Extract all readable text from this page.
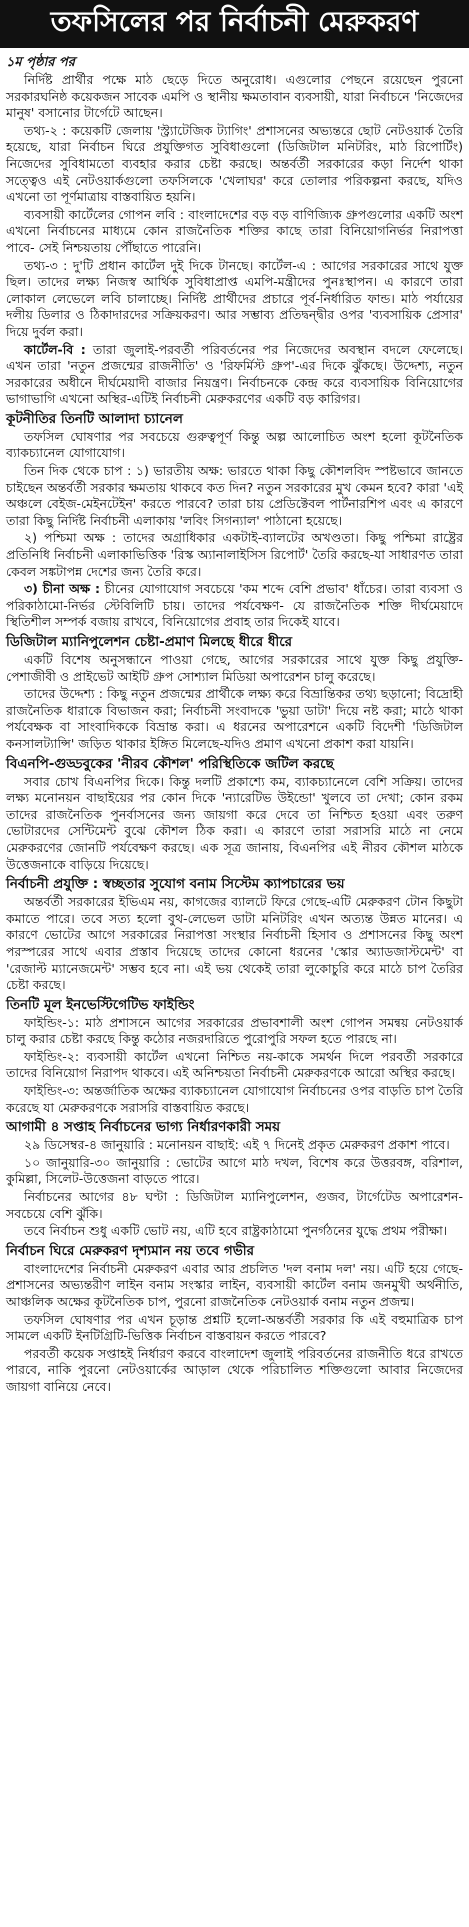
তফসিলের পর নির্বাচনী মেরুকরণ
১ম পৃষ্ঠার পর

নির্দিষ্ট প্রার্থীর পক্ষে মাঠ ছেড়ে দিতে অনুরোধ। এগুলোর পেছনে রয়েছেন পুরনো সরকারঘনিষ্ঠ কয়েকজন সাবেক এমপি ও স্থানীয় ক্ষমতাবান ব্যবসায়ী, যারা নির্বাচনে 'নিজেদের মানুষ' বসানোর টার্গেটে আছেন।

তথ্য-২ : কয়েকটি জেলায় 'স্ট্র্যাটেজিক ট্যাগিং' প্রশাসনের অভ্যন্তরে ছোট নেটওয়ার্ক তৈরি হয়েছে, যারা নির্বাচন ঘিরে প্রযুক্তিগত সুবিধাগুলো (ডিজিটাল মনিটরিং, মাঠ রিপোর্টিং) নিজেদের সুবিধামতো ব্যবহার করার চেষ্টা করছে। অন্তর্বর্তী সরকারের কড়া নির্দেশ থাকা সত্ত্বেও এই নেটওয়ার্কগুলো তফসিলকে 'খেলাঘর' করে তোলার পরিকল্পনা করছে, যদিও এখনো তা পূর্ণমাত্রায় বাস্তবায়িত হয়নি।

ব্যবসায়ী কার্টেলের গোপন লবি : বাংলাদেশের বড় বড় বাণিজ্যিক গ্রুপগুলোর একটি অংশ এখনো নির্বাচনের মাধ্যমে কোন রাজনৈতিক শক্তির কাছে তারা বিনিয়োগনির্ভর নিরাপত্তা পাবে- সেই নিশ্চয়তায় পৌঁছাতে পারেনি।

তথ্য-৩ : দু'টি প্রধান কার্টেল দুই দিকে টানছে। কার্টেল-এ : আগের সরকারের সাথে যুক্ত ছিল। তাদের লক্ষ্য নিজস্ব আর্থিক সুবিধাপ্রাপ্ত এমপি-মন্ত্রীদের পুনঃস্থাপন। এ কারণে তারা লোকাল লেভেলে লবি চালাচ্ছে। নির্দিষ্ট প্রার্থীদের প্রচারে পূর্ব-নির্ধারিত ফান্ড। মাঠ পর্যায়ের দলীয় ডিলার ও ঠিকাদারদের সক্রিয়করণ। আর সম্ভাব্য প্রতিদ্বন্দ্বীর ওপর 'ব্যবসায়িক প্রেসার' দিয়ে দুর্বল করা।

কার্টেল-বি : তারা জুলাই-পরবর্তী পরিবর্তনের পর নিজেদের অবস্থান বদলে ফেলেছে। এখন তারা 'নতুন প্রজন্মের রাজনীতি' ও 'রিফর্মিস্ট গ্রুপ'-এর দিকে ঝুঁকছে। উদ্দেশ্য, নতুন সরকারের অধীনে দীর্ঘমেয়াদী বাজার নিয়ন্ত্রণ। নির্বাচনকে কেন্দ্র করে ব্যবসায়িক বিনিয়োগের ভাগাভাগি এখনো অস্থির-এটিই নির্বাচনী মেরুকরণের একটি বড় কারিগর।

কূটনীতির তিনটি আলাদা চ্যানেল

তফসিল ঘোষণার পর সবচেয়ে গুরুত্বপূর্ণ কিন্তু অল্প আলোচিত অংশ হলো কূটনৈতিক ব্যাকচ্যানেল যোগাযোগ।

তিন দিক থেকে চাপ : ১) ভারতীয় অক্ষ: ভারতে থাকা কিছু কৌশলবিদ স্পষ্টভাবে জানতে চাইছেন অন্তর্বর্তী সরকার ক্ষমতায় থাকবে কত দিন? নতুন সরকারের মুখ কেমন হবে? কারা 'এই অঞ্চলে বেইজ-মেইনটেইন' করতে পারবে? তারা চায় প্রেডিক্টেবল পার্টনারশিপ এবং এ কারণে তারা কিছু নির্দিষ্ট নির্বাচনী এলাকায় 'লবিং সিগন্যাল' পাঠানো হয়েছে।

২) পশ্চিমা অক্ষ : তাদের অগ্রাধিকার একটাই-ব্যালটের অখণ্ডতা। কিছু পশ্চিমা রাষ্ট্রের প্রতিনিধি নির্বাচনী এলাকাভিত্তিক 'রিস্ক অ্যানালাইসিস রিপোর্ট' তৈরি করছে-যা সাধারণত তারা কেবল সঙ্কটাপন্ন দেশের জন্য তৈরি করে।

৩) চীনা অক্ষ : চীনের যোগাযোগ সবচেয়ে 'কম শব্দে বেশি প্রভাব' ধাঁচের। তারা ব্যবসা ও পরিকাঠামো-নির্ভর স্টেবিলিটি চায়। তাদের পর্যবেক্ষণ- যে রাজনৈতিক শক্তি দীর্ঘমেয়াদে স্থিতিশীল সম্পর্ক বজায় রাখবে, বিনিয়োগের প্রবাহ তার দিকেই যাবে।

ডিজিটাল ম্যানিপুলেশন চেষ্টা-প্রমাণ মিলছে ধীরে ধীরে

একটি বিশেষ অনুসন্ধানে পাওয়া গেছে, আগের সরকারের সাথে যুক্ত কিছু প্রযুক্তি-পেশাজীবী ও প্রাইভেট আইটি গ্রুপ সোশ্যাল মিডিয়া অপারেশন চালু করেছে।

তাদের উদ্দেশ্য : কিছু নতুন প্রজন্মের প্রার্থীকে লক্ষ্য করে বিভ্রান্তিকর তথ্য ছড়ানো; বিদ্রোহী রাজনৈতিক ধারাকে বিভাজন করা; নির্বাচনী সংবাদকে 'ভুয়া ডাটা' দিয়ে নষ্ট করা; মাঠে থাকা পর্যবেক্ষক বা সাংবাদিককে বিভ্রান্ত করা। এ ধরনের অপারেশনে একটি বিদেশী 'ডিজিটাল কনসালট্যান্সি' জড়িত থাকার ইঙ্গিত মিলেছে-যদিও প্রমাণ এখনো প্রকাশ করা যায়নি।

বিএনপি-গুড্ডবুকের 'নীরব কৌশল' পরিস্থিতিকে জটিল করছে

সবার চোখ বিএনপির দিকে। কিন্তু দলটি প্রকাশ্যে কম, ব্যাকচ্যানেলে বেশি সক্রিয়। তাদের লক্ষ্য মনোনয়ন বাছাইয়ের পর কোন দিকে 'ন্যারেটিভ উইন্ডো' খুলবে তা দেখা; কোন রকম তাদের রাজনৈতিক পুনর্বাসনের জন্য জায়গা করে দেবে তা নিশ্চিত হওয়া এবং তরুণ ভোটারদের সেন্টিমেন্ট বুঝে কৌশল ঠিক করা। এ কারণে তারা সরাসরি মাঠে না নেমে মেরুকরণের জোনটি পর্যবেক্ষণ করছে। এক সূত্র জানায়, বিএনপির এই নীরব কৌশল মাঠকে উত্তেজনাকে বাড়িয়ে দিয়েছে।

নির্বাচনী প্রযুক্তি : স্বচ্ছতার সুযোগ বনাম সিস্টেম ক্যাপচারের ভয়

অন্তর্বর্তী সরকারের ইভিএম নয়, কাগজের ব্যালটে ফিরে গেছে-এটি মেরুকরণ টোন কিছুটা কমাতে পারে। তবে সত্য হলো বুথ-লেভেল ডাটা মনিটরিং এখন অত্যন্ত উন্নত মানের। এ কারণে ভোটের আগে সরকারের নিরাপত্তা সংস্থার নির্বাচনী হিসাব ও প্রশাসনের কিছু অংশ পরস্পরের সাথে এবার প্রস্তাব দিয়েছে তাদের কোনো ধরনের 'স্কোর অ্যাডজাস্টমেন্ট' বা 'রেজাল্ট ম্যানেজমেন্ট' সম্ভব হবে না। এই ভয় থেকেই তারা লুকোচুরি করে মাঠে চাপ তৈরির চেষ্টা করছে।

তিনটি মূল ইনভেস্টিগেটিভ ফাইন্ডিং

ফাইন্ডিং-১: মাঠ প্রশাসনে আগের সরকারের প্রভাবশালী অংশ গোপন সমন্বয় নেটওয়ার্ক চালু করার চেষ্টা করছে কিন্তু কঠোর নজরদারিতে পুরোপুরি সফল হতে পারছে না।

ফাইন্ডিং-২: ব্যবসায়ী কার্টেল এখনো নিশ্চিত নয়-কাকে সমর্থন দিলে পরবর্তী সরকারে তাদের বিনিয়োগ নিরাপদ থাকবে। এই অনিশ্চয়তা নির্বাচনী মেরুকরণকে আরো অস্থির করছে।

ফাইন্ডিং-৩: অন্তর্জাতিক অক্ষের ব্যাকচ্যানেল যোগাযোগ নির্বাচনের ওপর বাড়তি চাপ তৈরি করেছে যা মেরুকরণকে সরাসরি বাস্তবায়িত করছে।

আগামী ৪ সপ্তাহ নির্বাচনের ভাগ্য নির্ধারণকারী সময়

২৯ ডিসেম্বর-৪ জানুয়ারি : মনোনয়ন বাছাই: এই ৭ দিনেই প্রকৃত মেরুকরণ প্রকাশ পাবে।

১০ জানুয়ারি-৩০ জানুয়ারি : ভোটের আগে মাঠ দখল, বিশেষ করে উত্তরবঙ্গ, বরিশাল, কুমিল্লা, সিলেট-উত্তেজনা বাড়তে পারে।

নির্বাচনের আগের ৪৮ ঘণ্টা : ডিজিটাল ম্যানিপুলেশন, গুজব, টার্গেটেড অপারেশন-সবচেয়ে বেশি ঝুঁকি।

তবে নির্বাচন শুধু একটি ভোট নয়, এটি হবে রাষ্ট্রকাঠামো পুনর্গঠনের যুদ্ধে প্রথম পরীক্ষা।

নির্বাচন ঘিরে মেরুকরণ দৃশ্যমান নয় তবে গভীর

বাংলাদেশের নির্বাচনী মেরুকরণ এবার আর প্রচলিত 'দল বনাম দল' নয়। এটি হয়ে গেছে- প্রশাসনের অভ্যন্তরীণ লাইন বনাম সংস্কার লাইন, ব্যবসায়ী কার্টেল বনাম জনমুখী অর্থনীতি, আঞ্চলিক অক্ষের কূটনৈতিক চাপ, পুরনো রাজনৈতিক নেটওয়ার্ক বনাম নতুন প্রজন্ম।

তফসিল ঘোষণার পর এখন চূড়ান্ত প্রশ্নটি হলো-অন্তর্বর্তী সরকার কি এই বহুমাত্রিক চাপ সামলে একটি ইনটিগ্রিটি-ভিত্তিক নির্বাচন বাস্তবায়ন করতে পারবে?

পরবর্তী কয়েক সপ্তাহই নির্ধারণ করবে বাংলাদেশ জুলাই পরিবর্তনের রাজনীতি ধরে রাখতে পারবে, নাকি পুরনো নেটওয়ার্কের আড়াল থেকে পরিচালিত শক্তিগুলো আবার নিজেদের জায়গা বানিয়ে নেবে।
